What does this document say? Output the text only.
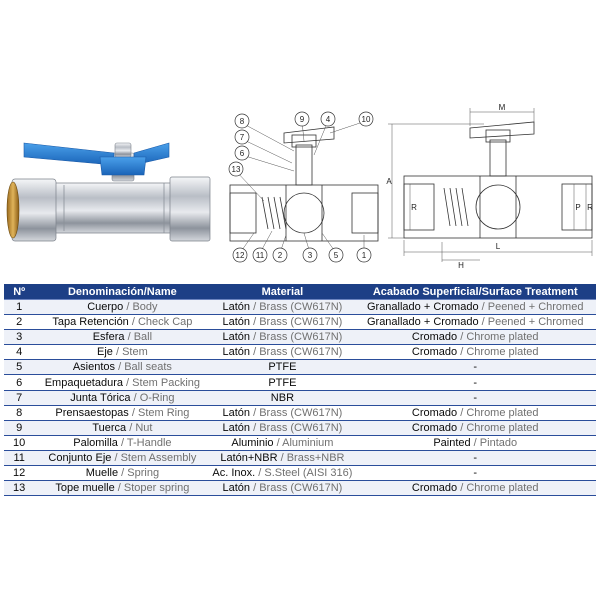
8	9	4	10
7
6
13
12 11 2	3	5	1
M
A
R	P R
L
H
Nº	Denominación/Name	Material	Acabado Superficial/Surface Treatment
1	Cuerpo / Body	Latón / Brass (CW617N)	Granallado + Cromado / Peened + Chromed
2	Tapa Retención / Check Cap	Latón / Brass (CW617N)	Granallado + Cromado / Peened + Chromed
3	Esfera / Ball	Latón / Brass (CW617N)	Cromado / Chrome plated
4	Eje / Stem	Latón / Brass (CW617N)	Cromado / Chrome plated
5	Asientos / Ball seats	PTFE	-
6	Empaquetadura / Stem Packing	PTFE	-
7	Junta Tórica / O-Ring	NBR	-
8	Prensaestopas / Stem Ring	Latón / Brass (CW617N)	Cromado / Chrome plated
9	Tuerca / Nut	Latón / Brass (CW617N)	Cromado / Chrome plated
10	Palomilla / T-Handle	Aluminio / Aluminium	Painted / Pintado
11	Conjunto Eje / Stem Assembly	Latón+NBR / Brass+NBR	-
12	Muelle / Spring	Ac. Inox. / S.Steel (AISI 316)	-
13	Tope muelle / Stoper spring	Latón / Brass (CW617N)	Cromado / Chrome plated
